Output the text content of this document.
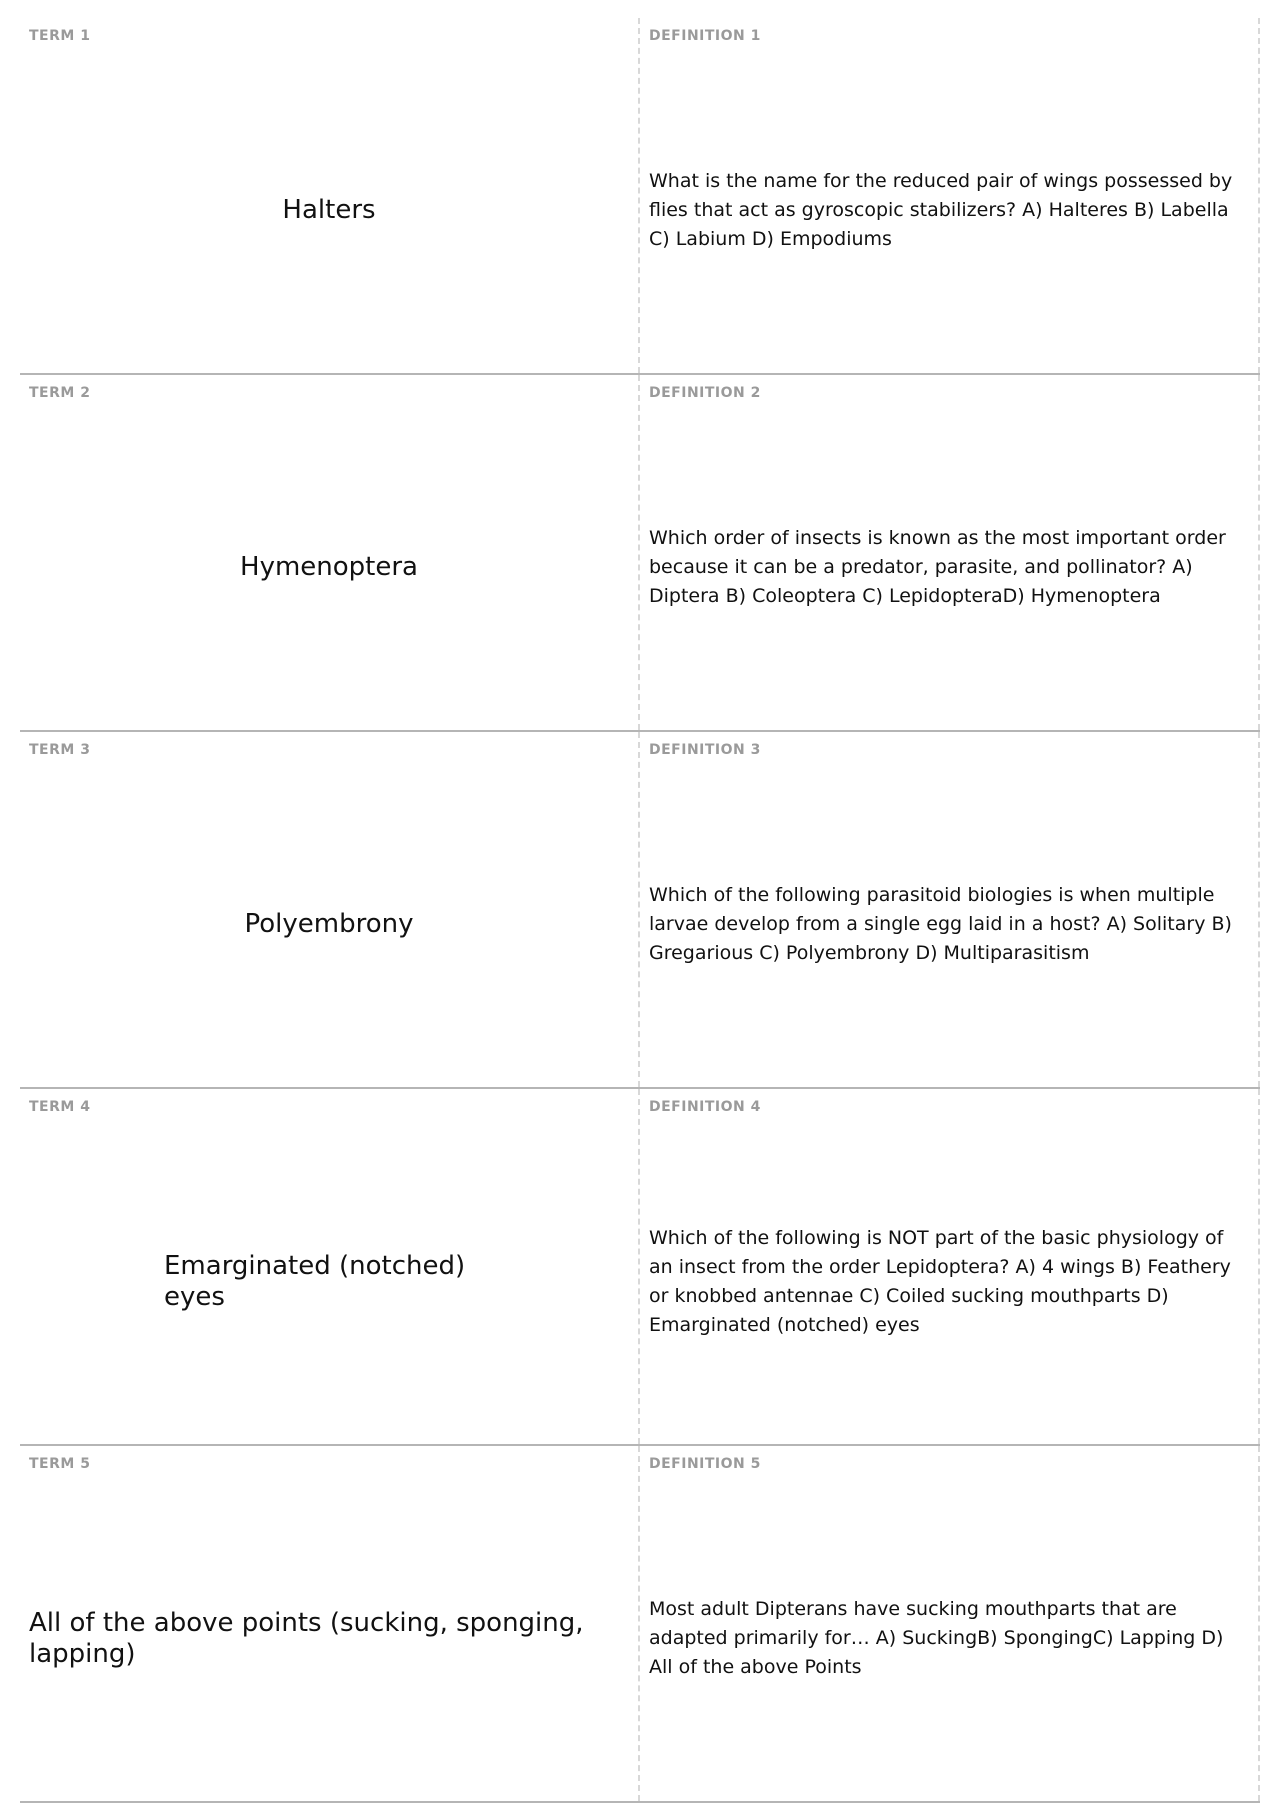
TERM 1
Halters
DEFINITION 1
What is the name for the reduced pair of wings possessed by flies that act as gyroscopic stabilizers? A) Halteres B) Labella C) Labium D) Empodiums
TERM 2
Hymenoptera
DEFINITION 2
Which order of insects is known as the most important order because it can be a predator, parasite, and pollinator? A) Diptera B) Coleoptera C) LepidopteraD) Hymenoptera
TERM 3
Polyembrony
DEFINITION 3
Which of the following parasitoid biologies is when multiple larvae develop from a single egg laid in a host? A) Solitary B) Gregarious C) Polyembrony D) Multiparasitism
TERM 4
Emarginated (notched) eyes
DEFINITION 4
Which of the following is NOT part of the basic physiology of an insect from the order Lepidoptera? A) 4 wings B) Feathery or knobbed antennae C) Coiled sucking mouthparts D) Emarginated (notched) eyes
TERM 5
All of the above points (sucking, sponging, lapping)
DEFINITION 5
Most adult Dipterans have sucking mouthparts that are adapted primarily for… A) SuckingB) SpongingC) Lapping D) All of the above Points
